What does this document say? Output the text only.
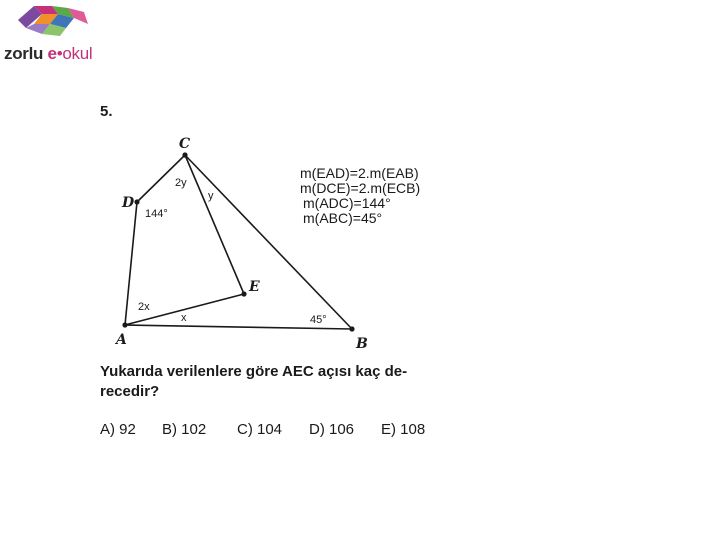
zorlu e•okul
5.
A	B
C
D
E
144°
2y
y
2x
x	45°
m(EAD)=2.m(EAB)
m(DCE)=2.m(ECB)
m(ADC)=144°
m(ABC)=45°
Yukarıda verilenlere göre AEC açısı kaç de-
recedir?
A) 92 B) 102 C) 104 D) 106 E) 108
